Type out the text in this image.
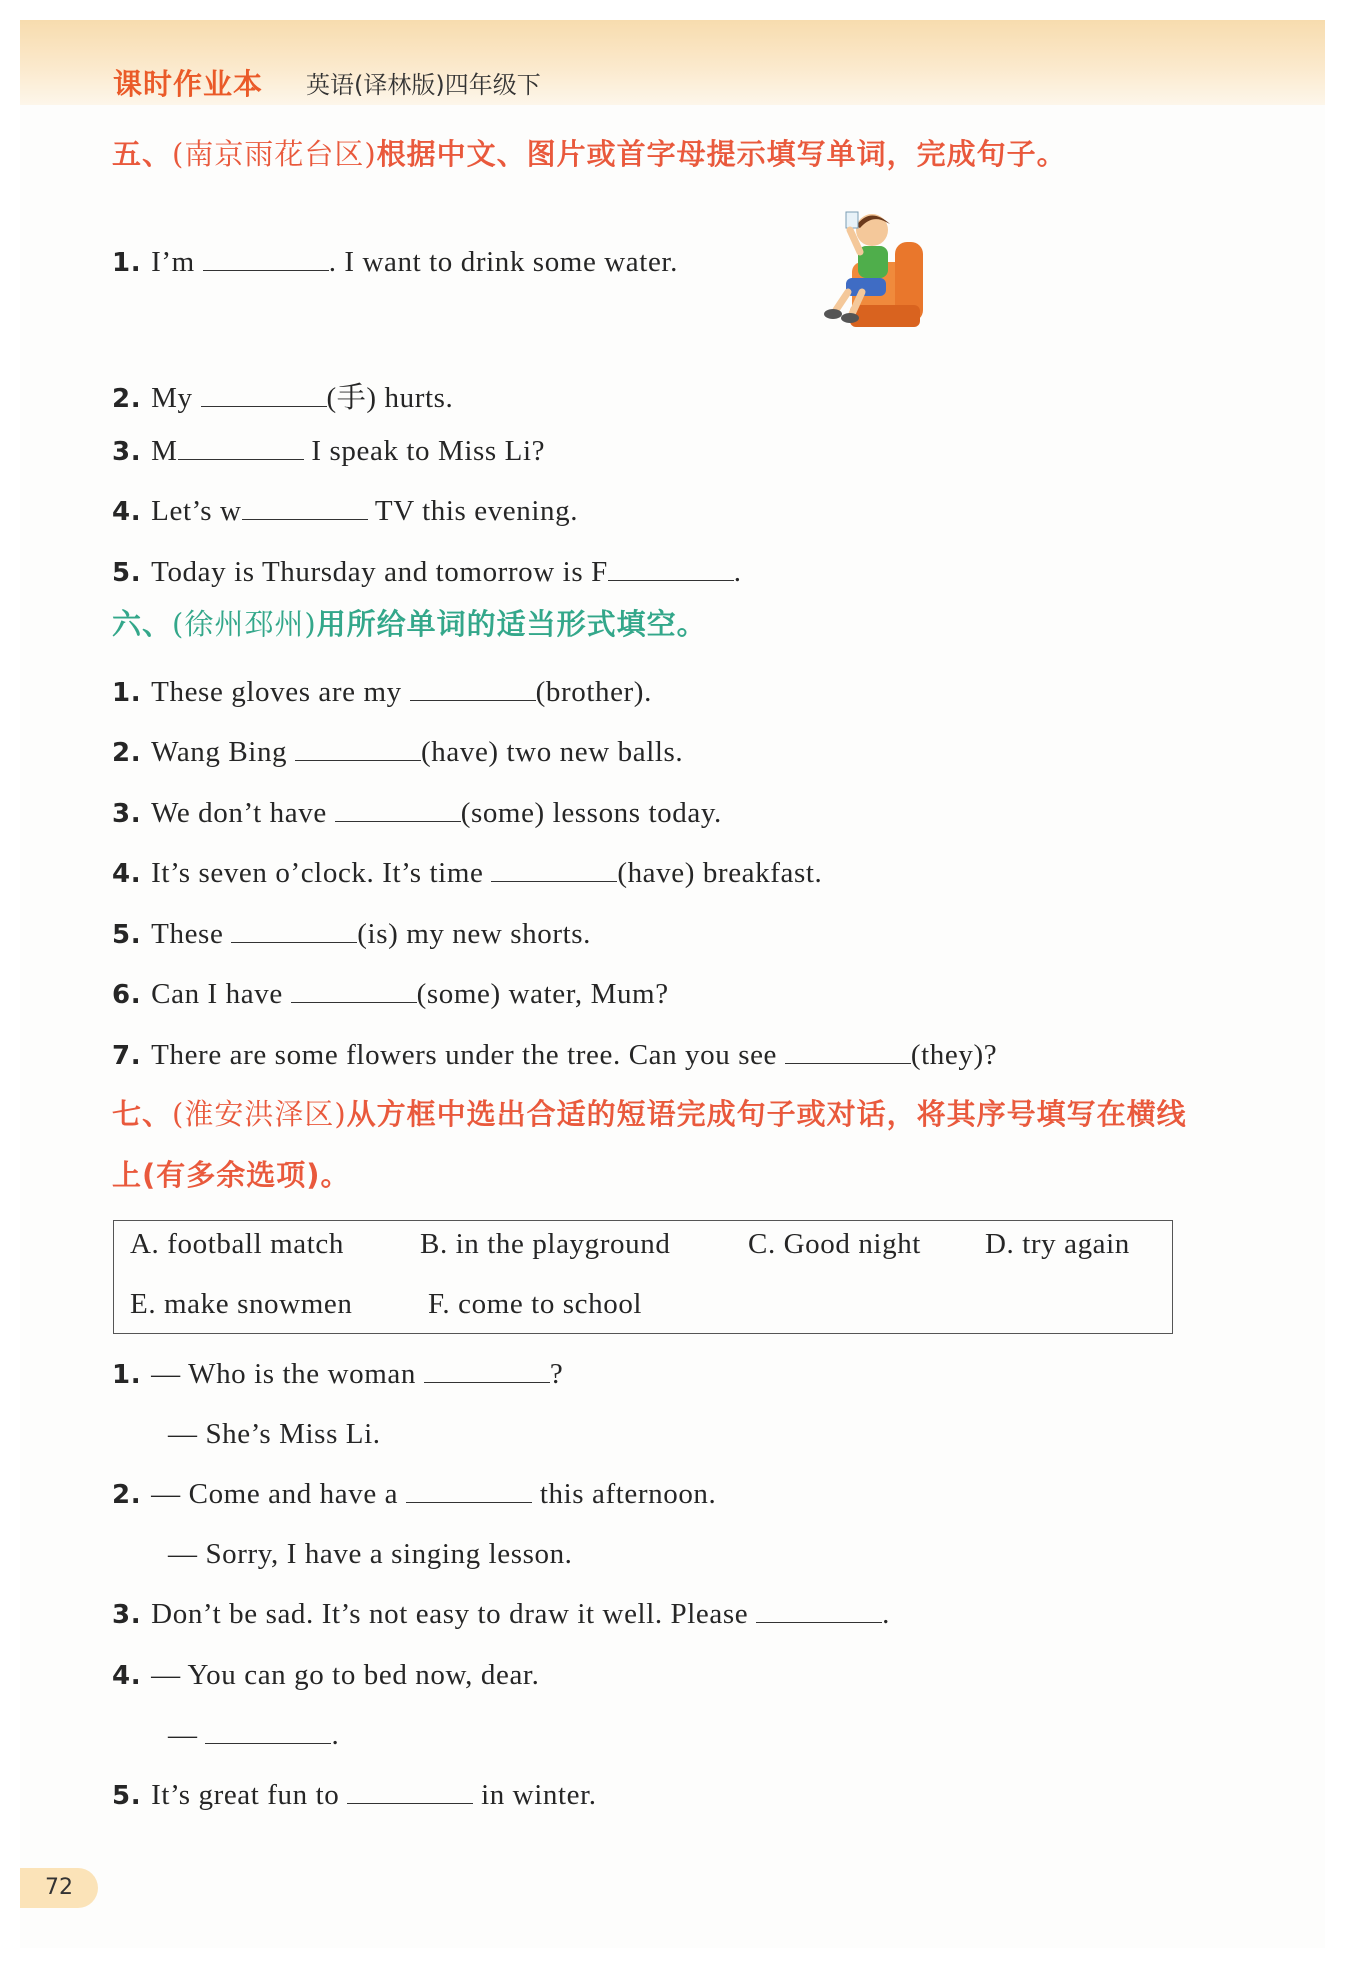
课时作业本 英语(译林版)四年级下
五、(南京雨花台区)根据中文、图片或首字母提示填写单词，完成句子。
1. I’m	. I want to drink some water.
2. My	(手) hurts.
3. M	I speak to Miss Li?
4. Let’s w	TV this evening.
5. Today is Thursday and tomorrow is F	.
六、(徐州邳州)用所给单词的适当形式填空。
1. These gloves are my	(brother).
2. Wang Bing	(have) two new balls.
3. We don’t have	(some) lessons today.
4. It’s seven o’clock. It’s time	(have) breakfast.
5. These	(is) my new shorts.
6. Can I have	(some) water, Mum?
7. There are some flowers under the tree. Can you see	(they)?
七、(淮安洪泽区)从方框中选出合适的短语完成句子或对话，将其序号填写在横线
上(有多余选项)。
A. football match	B. in the playground	C. Good night D. try again
E. make snowmen	F. come to school
1. — Who is the woman	?
— She’s Miss Li.
2. — Come and have a	this afternoon.
— Sorry, I have a singing lesson.
3. Don’t be sad. It’s not easy to draw it well. Please	.
4. — You can go to bed now, dear.
—	.
5. It’s great fun to	in winter.
72
